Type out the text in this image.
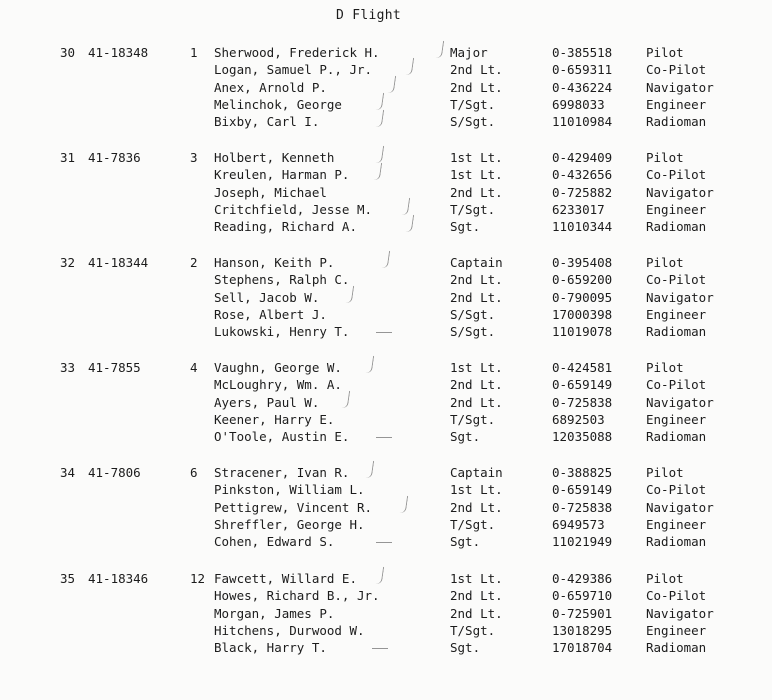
D Flight
30 41-18348	1 Sherwood, Frederick H.	Major	0-385518	Pilot
Logan, Samuel P., Jr.	2nd Lt.	0-659311	Co-Pilot
Anex, Arnold P.	2nd Lt.	0-436224	Navigator
Melinchok, George	T/Sgt.	6998033	Engineer
Bixby, Carl I.	S/Sgt.	11010984	Radioman
31 41-7836	3 Holbert, Kenneth	1st Lt.	0-429409	Pilot
Kreulen, Harman P.	1st Lt.	0-432656	Co-Pilot
Joseph, Michael	2nd Lt.	0-725882	Navigator
Critchfield, Jesse M.	T/Sgt.	6233017	Engineer
Reading, Richard A.	Sgt.	11010344	Radioman
32 41-18344	2 Hanson, Keith P.	Captain	0-395408	Pilot
Stephens, Ralph C.	2nd Lt.	0-659200	Co-Pilot
Sell, Jacob W.	2nd Lt.	0-790095	Navigator
Rose, Albert J.	S/Sgt.	17000398	Engineer
Lukowski, Henry T.	S/Sgt.	11019078	Radioman
33 41-7855	4 Vaughn, George W.	1st Lt.	0-424581	Pilot
McLoughry, Wm. A.	2nd Lt.	0-659149	Co-Pilot
Ayers, Paul W.	2nd Lt.	0-725838	Navigator
Keener, Harry E.	T/Sgt.	6892503	Engineer
O'Toole, Austin E.	Sgt.	12035088	Radioman
34 41-7806	6 Stracener, Ivan R.	Captain	0-388825	Pilot
Pinkston, William L.	1st Lt.	0-659149	Co-Pilot
Pettigrew, Vincent R.	2nd Lt.	0-725838	Navigator
Shreffler, George H.	T/Sgt.	6949573	Engineer
Cohen, Edward S.	Sgt.	11021949	Radioman
35 41-18346	12 Fawcett, Willard E.	1st Lt.	0-429386	Pilot
Howes, Richard B., Jr.	2nd Lt.	0-659710	Co-Pilot
Morgan, James P.	2nd Lt.	0-725901	Navigator
Hitchens, Durwood W.	T/Sgt.	13018295	Engineer
Black, Harry T.	Sgt.	17018704	Radioman
